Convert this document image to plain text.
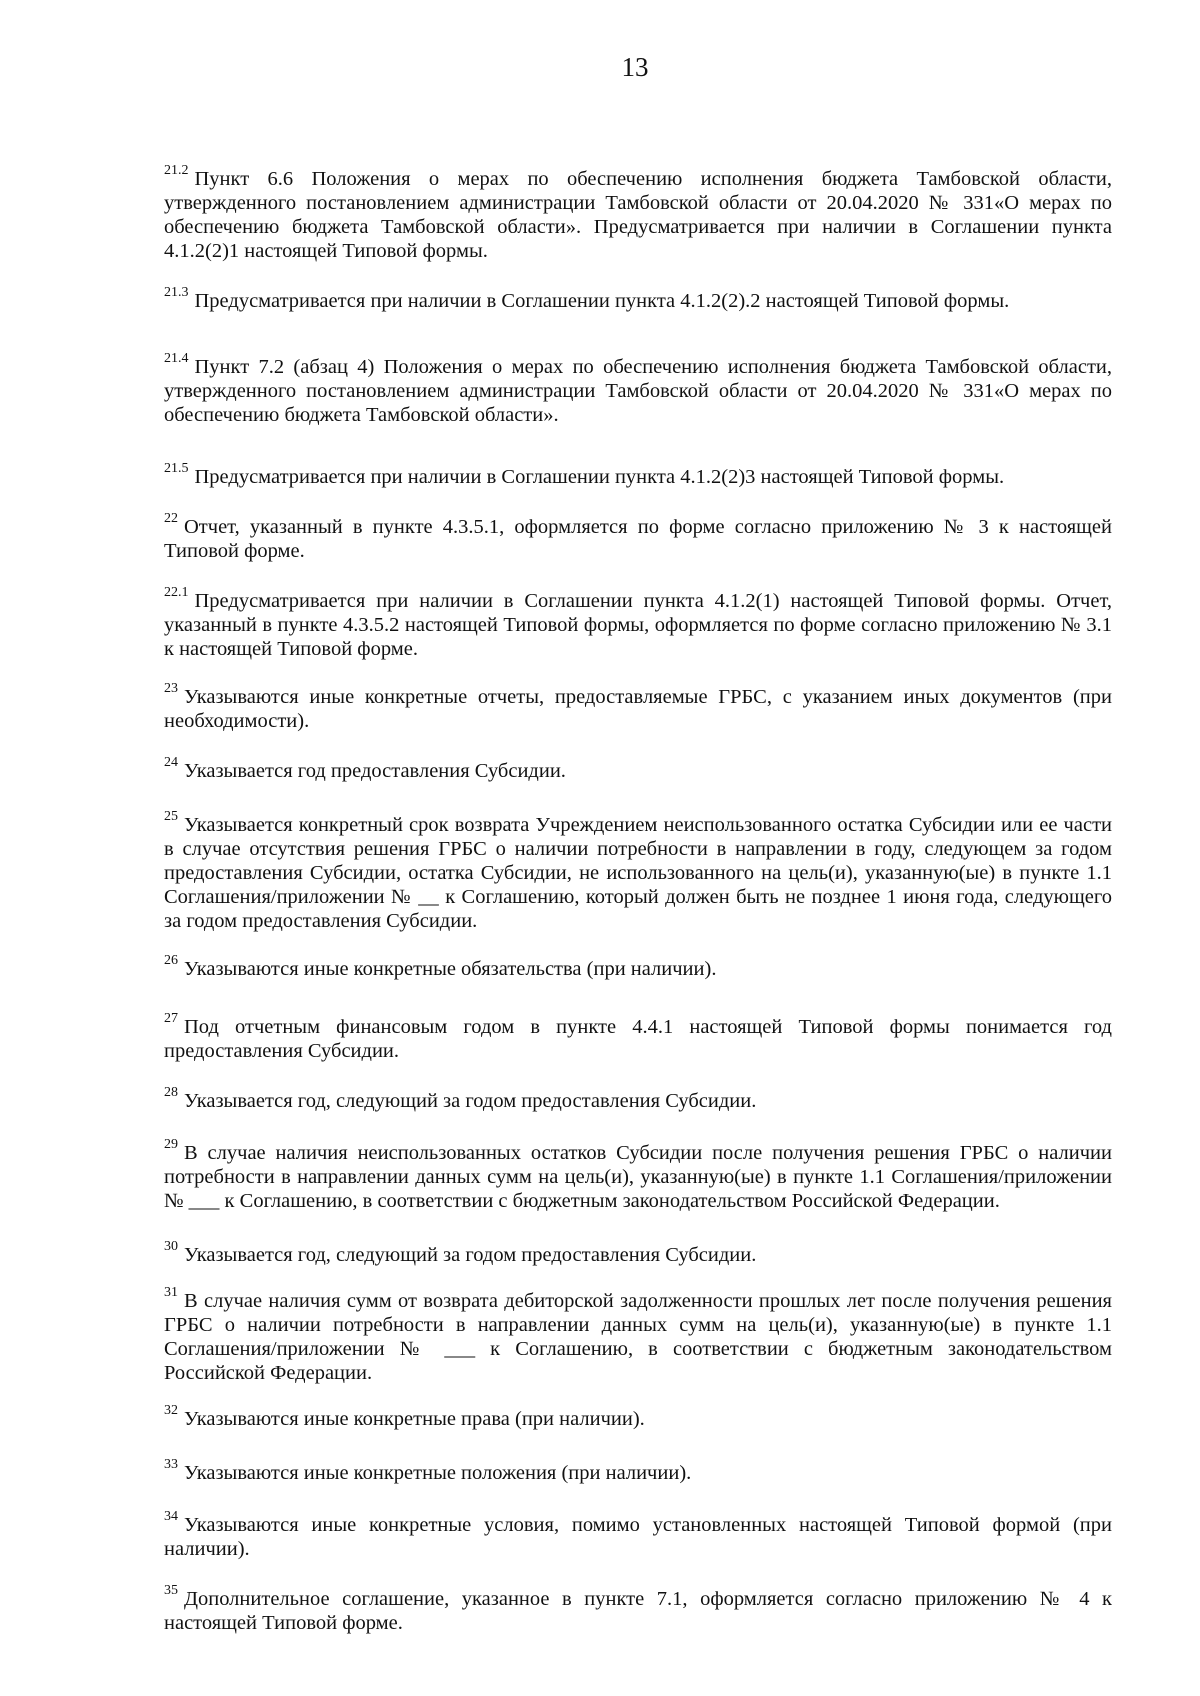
13

$^{21.2}$ Пункт 6.6 Положения о мерах по обеспечению исполнения бюджета Тамбовской области, утвержденного постановлением администрации Тамбовской области от 20.04.2020 № 331«О мерах по обеспечению бюджета Тамбовской области». Предусматривается при наличии в Соглашении пункта 4.1.2(2)1 настоящей Типовой формы.

$^{21.3}$ Предусматривается при наличии в Соглашении пункта 4.1.2(2).2 настоящей Типовой формы.

$^{21.4}$ Пункт 7.2 (абзац 4) Положения о мерах по обеспечению исполнения бюджета Тамбовской области, утвержденного постановлением администрации Тамбовской области от 20.04.2020 № 331«О мерах по обеспечению бюджета Тамбовской области».

$^{21.5}$ Предусматривается при наличии в Соглашении пункта 4.1.2(2)3 настоящей Типовой формы.

$^{22}$ Отчет, указанный в пункте 4.3.5.1, оформляется по форме согласно приложению № 3 к настоящей Типовой форме.

$^{22.1}$ Предусматривается при наличии в Соглашении пункта 4.1.2(1) настоящей Типовой формы. Отчет, указанный в пункте 4.3.5.2 настоящей Типовой формы, оформляется по форме согласно приложению № 3.1 к настоящей Типовой форме.

$^{23}$ Указываются иные конкретные отчеты, предоставляемые ГРБС, с указанием иных документов (при необходимости).

$^{24}$ Указывается год предоставления Субсидии.

$^{25}$ Указывается конкретный срок возврата Учреждением неиспользованного остатка Субсидии или ее части в случае отсутствия решения ГРБС о наличии потребности в направлении в году, следующем за годом предоставления Субсидии, остатка Субсидии, не использованного на цель(и), указанную(ые) в пункте 1.1 Соглашения/приложении № __ к Соглашению, который должен быть не позднее 1 июня года, следующего за годом предоставления Субсидии.

$^{26}$ Указываются иные конкретные обязательства (при наличии).

$^{27}$ Под отчетным финансовым годом в пункте 4.4.1 настоящей Типовой формы понимается год предоставления Субсидии.

$^{28}$ Указывается год, следующий за годом предоставления Субсидии.

$^{29}$ В случае наличия неиспользованных остатков Субсидии после получения решения ГРБС о наличии потребности в направлении данных сумм на цель(и), указанную(ые) в пункте 1.1 Соглашения/приложении № ___ к Соглашению, в соответствии с бюджетным законодательством Российской Федерации.

$^{30}$ Указывается год, следующий за годом предоставления Субсидии.

$^{31}$ В случае наличия сумм от возврата дебиторской задолженности прошлых лет после получения решения ГРБС о наличии потребности в направлении данных сумм на цель(и), указанную(ые) в пункте 1.1 Соглашения/приложении № ___ к Соглашению, в соответствии с бюджетным законодательством Российской Федерации.

$^{32}$ Указываются иные конкретные права (при наличии).

$^{33}$ Указываются иные конкретные положения (при наличии).

$^{34}$ Указываются иные конкретные условия, помимо установленных настоящей Типовой формой (при наличии).

$^{35}$ Дополнительное соглашение, указанное в пункте 7.1, оформляется согласно приложению № 4 к настоящей Типовой форме.
